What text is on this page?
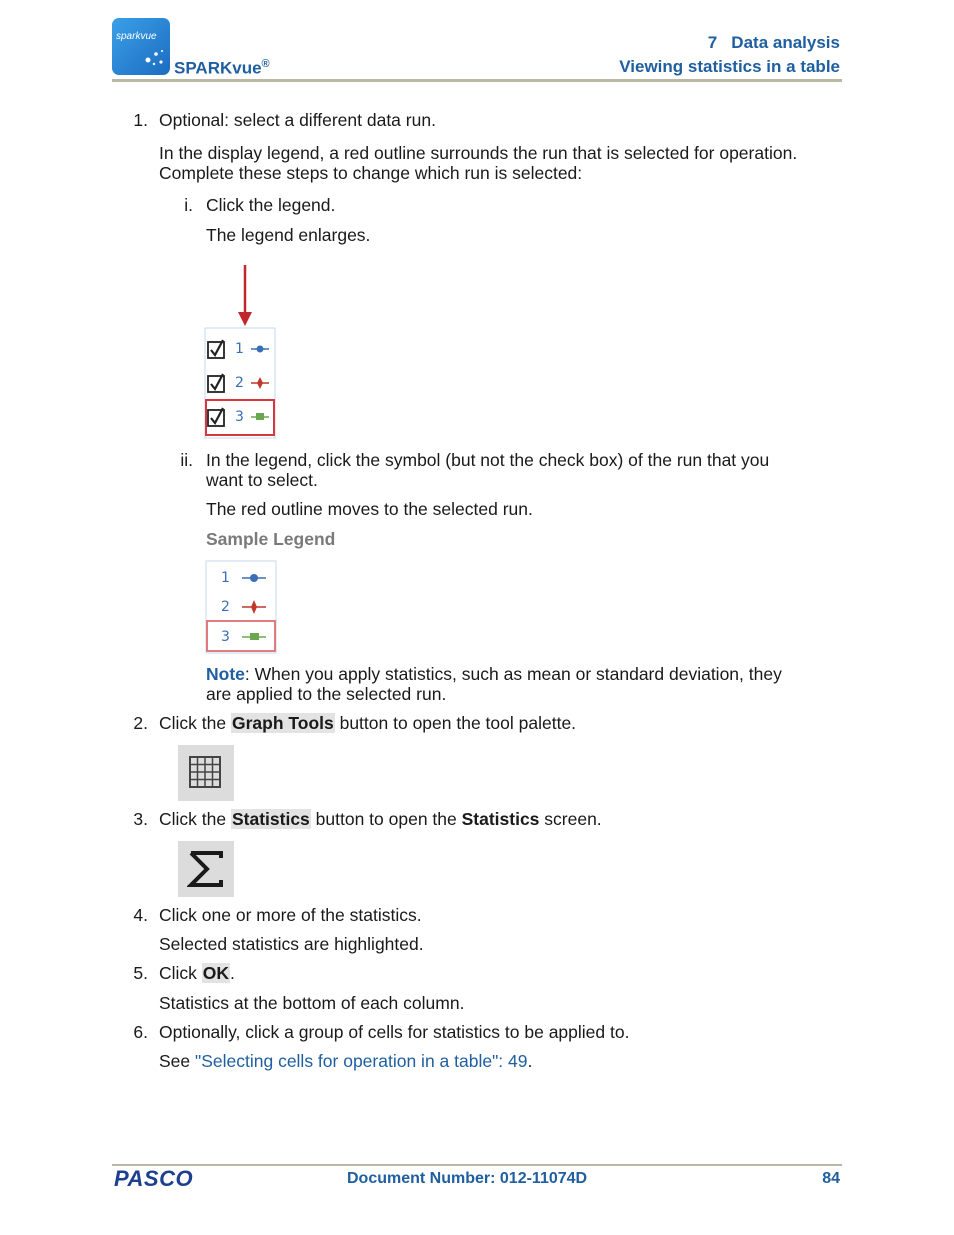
sparkvue
SPARKvue®
7   Data analysis
Viewing statistics in a table
1. Optional: select a different data run.
In the display legend, a red outline surrounds the run that is selected for operation.
Complete these steps to change which run is selected:
i. Click the legend.
The legend enlarges.
1
2
3
ii. In the legend, click the symbol (but not the check box) of the run that you
want to select.
The red outline moves to the selected run.
Sample Legend
1
2
3
Note: When you apply statistics, such as mean or standard deviation, they
are applied to the selected run.
2. Click the Graph Tools button to open the tool palette.
3. Click the Statistics button to open the Statistics screen.
4. Click one or more of the statistics.
Selected statistics are highlighted.
5. Click OK.
Statistics at the bottom of each column.
6. Optionally, click a group of cells for statistics to be applied to.
See "Selecting cells for operation in a table": 49.
PASCO	Document Number: 012-11074D	84
